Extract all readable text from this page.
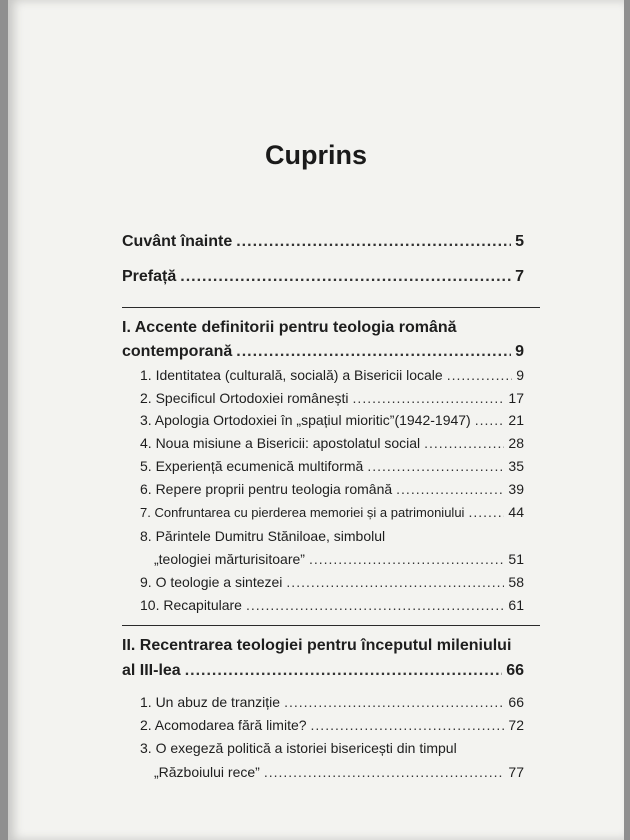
Cuprins
Cuvânt înainte .....	5
Prefață .....	7
I. Accente definitorii pentru teologia română
contemporană .....	9
1. Identitatea (culturală, socială) a Bisericii locale .....	9
2. Specificul Ortodoxiei românești .....	17
3. Apologia Ortodoxiei în „spațiul mioritic”(1942-1947) .....	21
4. Noua misiune a Bisericii: apostolatul social .....	28
5. Experiență ecumenică multiformă .....	35
6. Repere proprii pentru teologia română .....	39
7. Confruntarea cu pierderea memoriei și a patrimoniului .....	44
8. Părintele Dumitru Stăniloae, simbolul
„teologiei mărturisitoare” .....	51
9. O teologie a sintezei .....	58
10. Recapitulare .....	61
II. Recentrarea teologiei pentru începutul mileniului
al III-lea .....	66
1. Un abuz de tranziție .....	66
2. Acomodarea fără limite? .....	72
3. O exegeză politică a istoriei bisericești din timpul
„Războiului rece” .....	77
